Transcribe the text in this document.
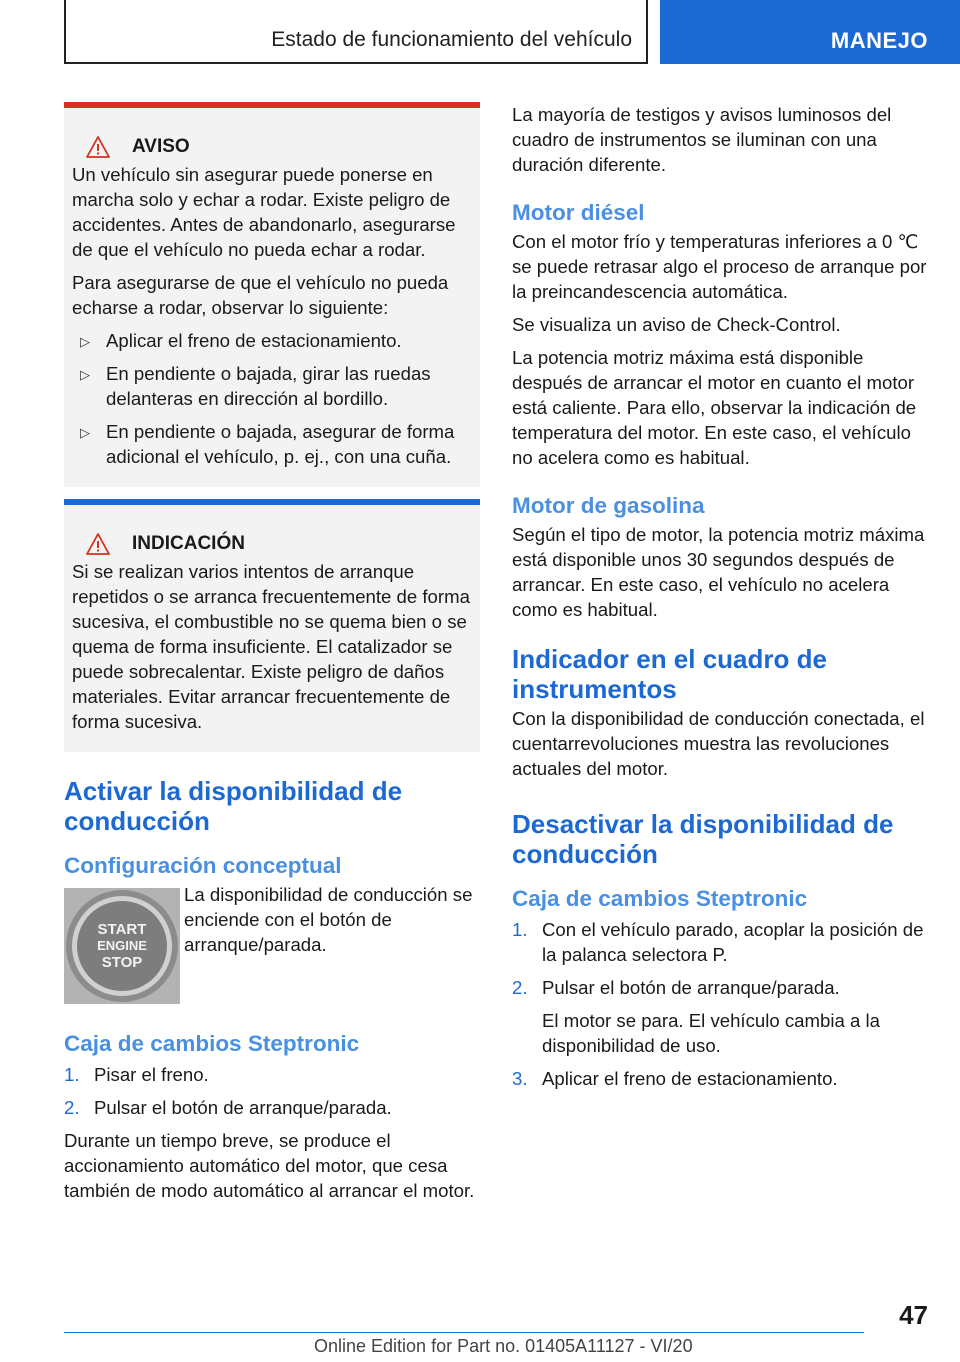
Estado de funcionamiento del vehículo	MANEJO
AVISO

Un vehículo sin asegurar puede ponerse en marcha solo y echar a rodar. Existe peligro de accidentes. Antes de abandonarlo, asegurarse de que el vehículo no pueda echar a rodar.

Para asegurarse de que el vehículo no pueda echarse a rodar, observar lo siguiente:

▷ Aplicar el freno de estacionamiento.
▷ En pendiente o bajada, girar las ruedas delanteras en dirección al bordillo.
▷ En pendiente o bajada, asegurar de forma adicional el vehículo, p. ej., con una cuña.
INDICACIÓN

Si se realizan varios intentos de arranque repetidos o se arranca frecuentemente de forma sucesiva, el combustible no se quema bien o se quema de forma insuficiente. El catalizador se puede sobrecalentar. Existe peligro de daños materiales. Evitar arrancar frecuentemente de forma sucesiva.

Activar la disponibilidad de conducción
Configuración conceptual
START
ENGINE
STOP
La disponibilidad de conducción se enciende con el botón de arranque/parada.
Caja de cambios Steptronic
1. Pisar el freno.
2. Pulsar el botón de arranque/parada.

Durante un tiempo breve, se produce el accionamiento automático del motor, que cesa también de modo automático al arrancar el motor.

La mayoría de testigos y avisos luminosos del cuadro de instrumentos se iluminan con una duración diferente.

Motor diésel

Con el motor frío y temperaturas inferiores a 0 ℃ se puede retrasar algo el proceso de arranque por la preincandescencia automática.

Se visualiza un aviso de Check-Control.

La potencia motriz máxima está disponible después de arrancar el motor en cuanto el motor está caliente. Para ello, observar la indicación de temperatura del motor. En este caso, el vehículo no acelera como es habitual.

Motor de gasolina

Según el tipo de motor, la potencia motriz máxima está disponible unos 30 segundos después de arrancar. En este caso, el vehículo no acelera como es habitual.

Indicador en el cuadro de instrumentos

Con la disponibilidad de conducción conectada, el cuentarrevoluciones muestra las revoluciones actuales del motor.

Desactivar la disponibilidad de conducción
Caja de cambios Steptronic
1. Con el vehículo parado, acoplar la posición de la palanca selectora P.
2. Pulsar el botón de arranque/parada.
El motor se para. El vehículo cambia a la disponibilidad de uso.
3. Aplicar el freno de estacionamiento.
47
Online Edition for Part no. 01405A11127 - VI/20
